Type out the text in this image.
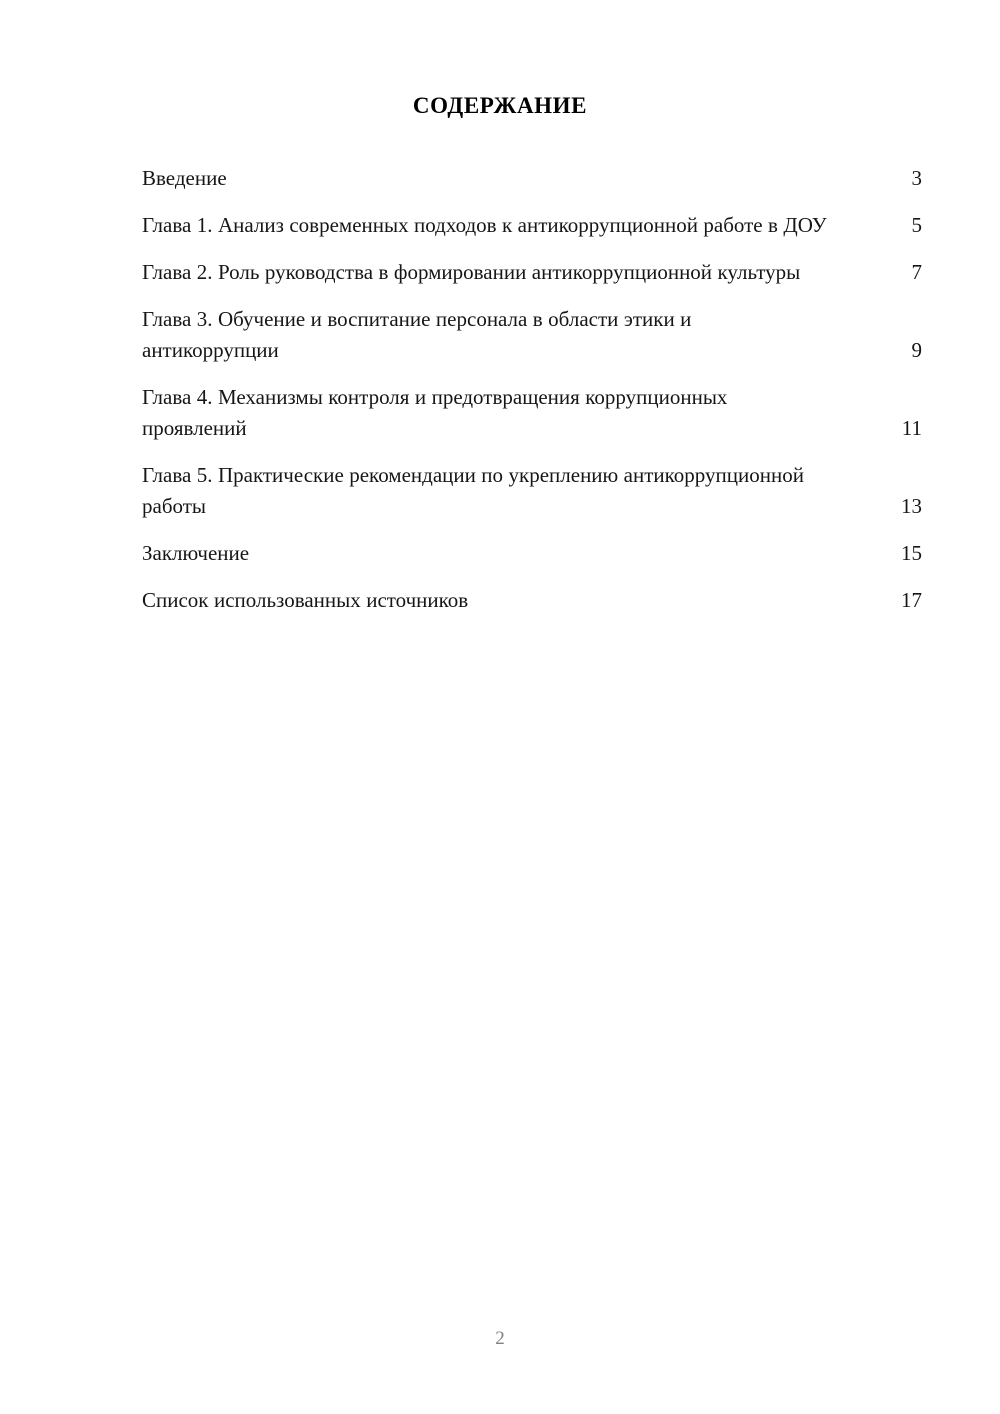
СОДЕРЖАНИЕ
Введение	3
Глава 1. Анализ современных подходов к антикоррупционной работе в ДОУ	5
Глава 2. Роль руководства в формировании антикоррупционной культуры	7
Глава 3. Обучение и воспитание персонала в области этики и антикоррупции	9
Глава 4. Механизмы контроля и предотвращения коррупционных проявлений	11
Глава 5. Практические рекомендации по укреплению антикоррупционной работы	13
Заключение	15
Список использованных источников	17
2
